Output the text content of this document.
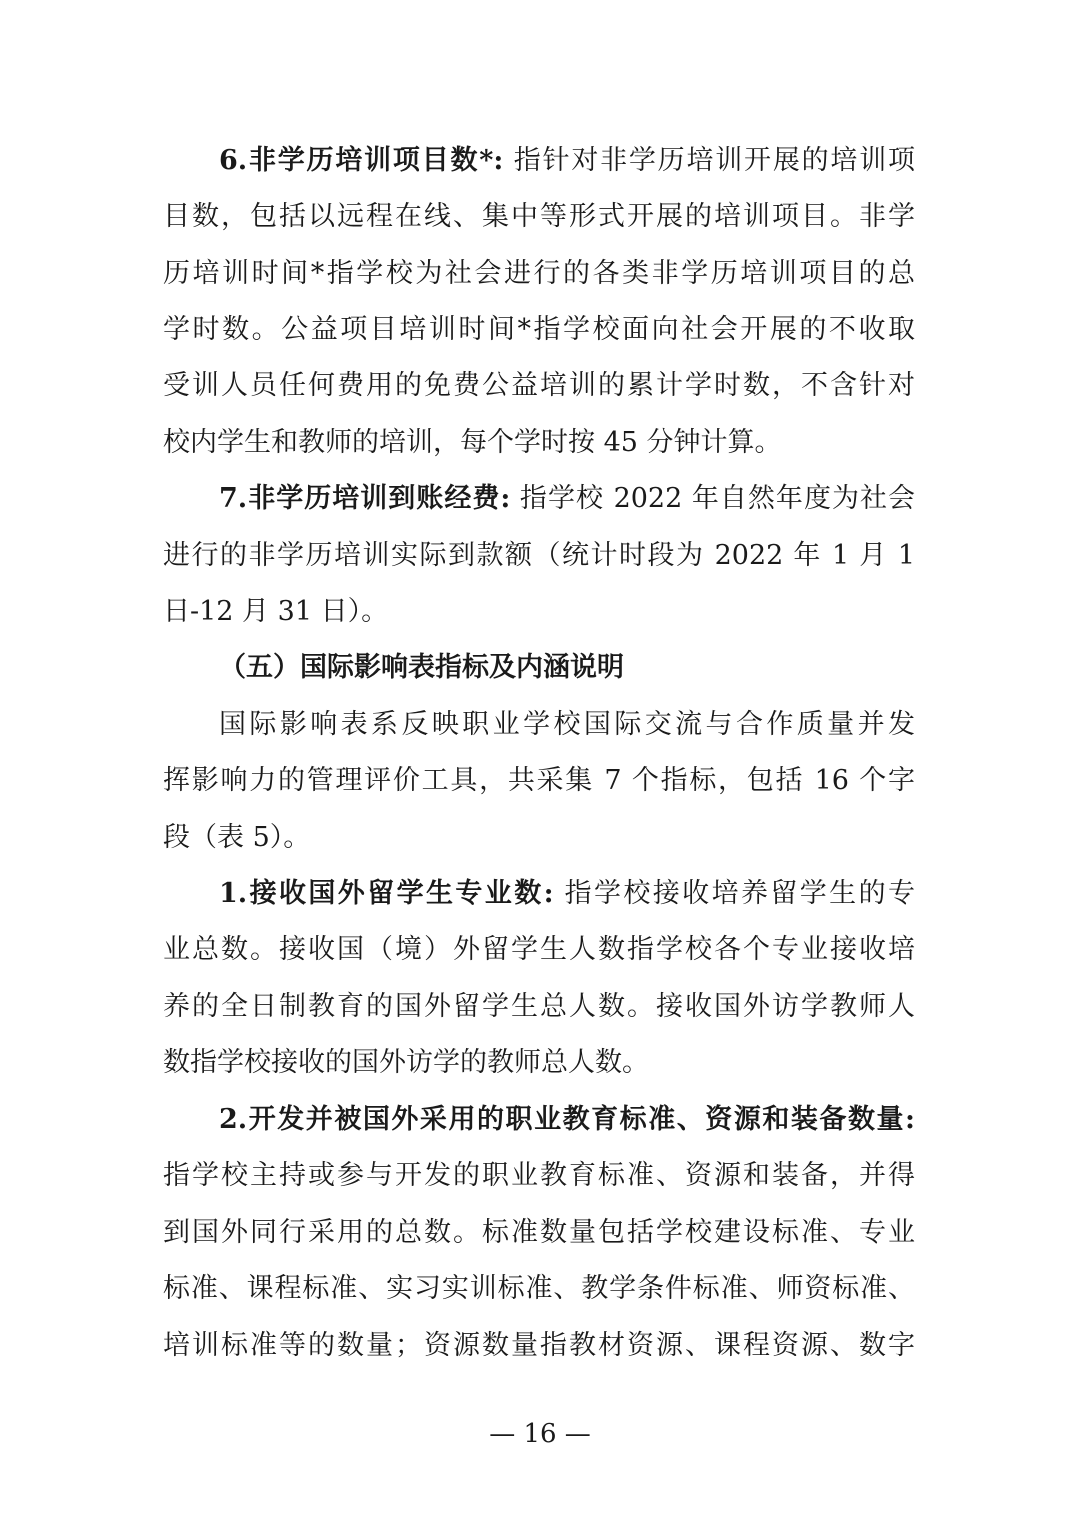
6.非学历培训项目数*: 指针对非学历培训开展的培训项
目数，包括以远程在线、集中等形式开展的培训项目。非学
历培训时间*指学校为社会进行的各类非学历培训项目的总
学时数。公益项目培训时间*指学校面向社会开展的不收取
受训人员任何费用的免费公益培训的累计学时数，不含针对
校内学生和教师的培训，每个学时按 45 分钟计算。
7.非学历培训到账经费: 指学校 2022 年自然年度为社会
进行的非学历培训实际到款额（统计时段为 2022 年 1 月 1
日-12 月 31 日）。
（五）国际影响表指标及内涵说明
国际影响表系反映职业学校国际交流与合作质量并发
挥影响力的管理评价工具，共采集 7 个指标，包括 16 个字
段（表 5）。
1.接收国外留学生专业数: 指学校接收培养留学生的专
业总数。接收国（境）外留学生人数指学校各个专业接收培
养的全日制教育的国外留学生总人数。接收国外访学教师人
数指学校接收的国外访学的教师总人数。
2.开发并被国外采用的职业教育标准、资源和装备数量:
指学校主持或参与开发的职业教育标准、资源和装备，并得
到国外同行采用的总数。标准数量包括学校建设标准、专业
标准、课程标准、实习实训标准、教学条件标准、师资标准、
培训标准等的数量；资源数量指教材资源、课程资源、数字
— 16 —
